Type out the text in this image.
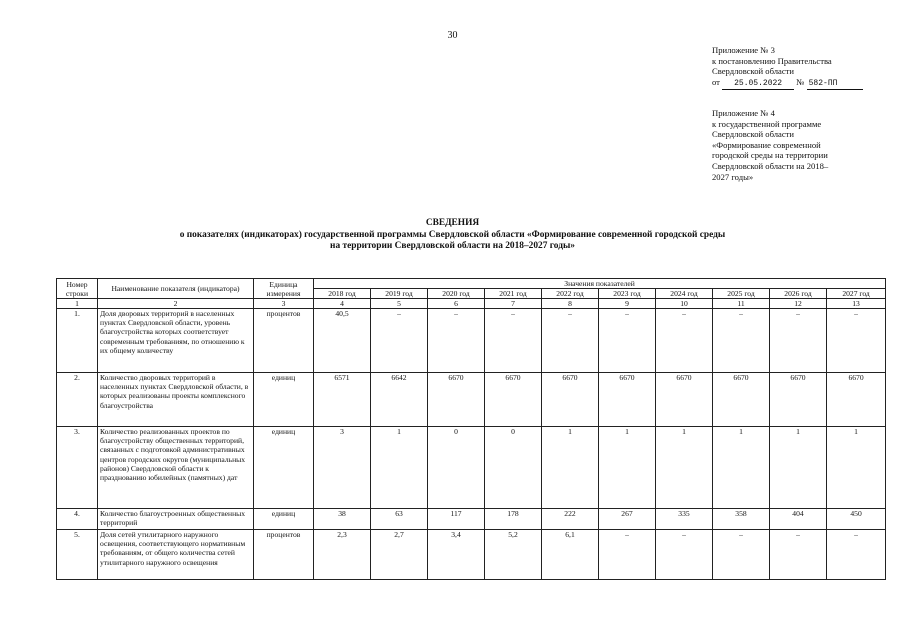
30
Приложение № 3
к постановлению Правительства
Свердловской области
от 25.05.2022 № 582-ПП
Приложение № 4
к государственной программе
Свердловской области
«Формирование современной
городской среды на территории
Свердловской области на 2018–
2027 годы»
СВЕДЕНИЯ
о показателях (индикаторах) государственной программы Свердловской области «Формирование современной городской среды
на территории Свердловской области на 2018–2027 годы»
Номер строки	Наименование показателя (индикатора)	Единица измерения	Значения показателей									
			2018 год	2019 год	2020 год	2021 год	2022 год	2023 год	2024 год	2025 год	2026 год	2027 год
1	2	3	4	5	6	7	8	9	10	11	12	13
1.	Доля дворовых территорий в населенных пунктах Свердловской области, уровень благоустройства которых соответствует современным требованиям, по отношению к их общему количеству	процентов	40,5	–	–	–	–	–	–	–	–	–
2.	Количество дворовых территорий в населенных пунктах Свердловской области, в которых реализованы проекты комплексного благоустройства	единиц	6571	6642	6670	6670	6670	6670	6670	6670	6670	6670
3.	Количество реализованных проектов по благоустройству общественных территорий, связанных с подготовкой административных центров городских округов (муниципальных районов) Свердловской области к празднованию юбилейных (памятных) дат	единиц	3	1	0	0	1	1	1	1	1	1
4.	Количество благоустроенных общественных территорий	единиц	38	63	117	178	222	267	335	358	404	450
5.	Доля сетей утилитарного наружного освещения, соответствующего нормативным требованиям, от общего количества сетей утилитарного наружного освещения	процентов	2,3	2,7	3,4	5,2	6,1	–	–	–	–	–
